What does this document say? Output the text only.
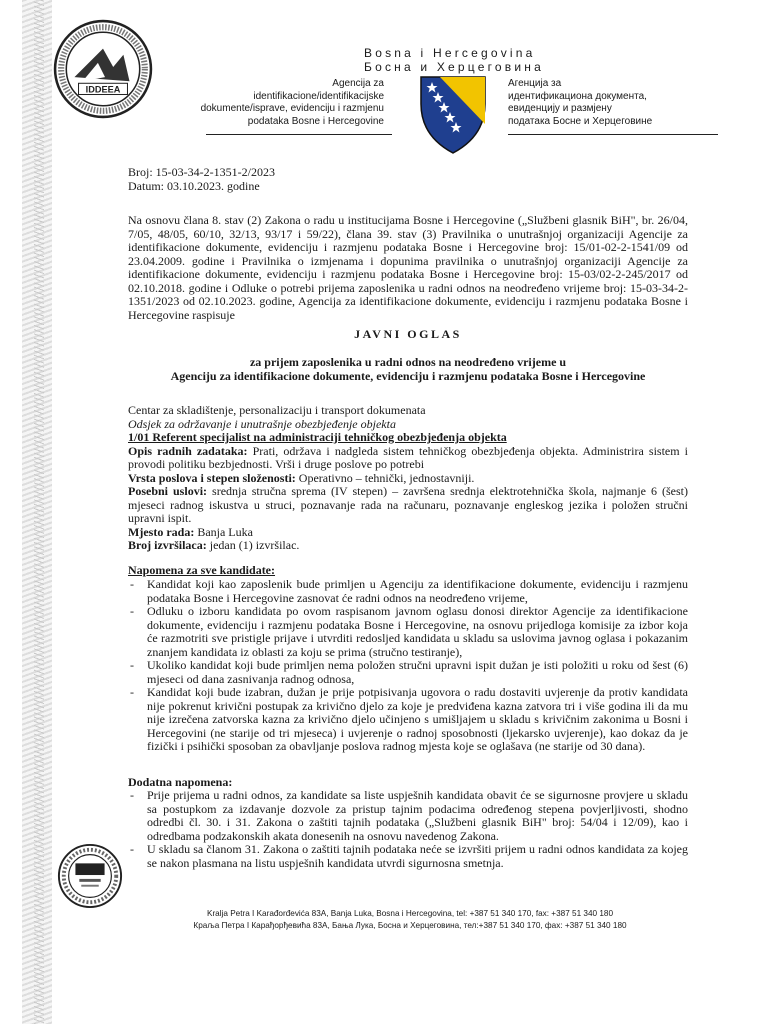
IDDEEA
Bosna i Hercegovina
Босна и Херцеговина
Agencija za
identifikacione/identifikacijske
dokumente/isprave, evidenciju i razmjenu
podataka Bosne i Hercegovine
Агенција за
идентификациона документа,
евиденцију и размјену
података Босне и Херцеговине

Broj: 15-03-34-2-1351-2/2023

Datum: 03.10.2023. godine

Na osnovu člana 8. stav (2) Zakona o radu u institucijama Bosne i Hercegovine („Službeni glasnik BiH", br. 26/04, 7/05, 48/05, 60/10, 32/13, 93/17 i 59/22), člana 39. stav (3) Pravilnika o unutrašnjoj organizaciji Agencije za identifikacione dokumente, evidenciju i razmjenu podataka Bosne i Hercegovine broj: 15/01-02-2-1541/09 od 23.04.2009. godine i Pravilnika o izmjenama i dopunima pravilnika o unutrašnjoj organizaciji Agencije za identifikacione dokumente, evidenciju i razmjenu podataka Bosne i Hercegovine broj: 15-03/02-2-245/2017 od 02.10.2018. godine i Odluke o potrebi prijema zaposlenika u radni odnos na neodređeno vrijeme broj: 15-03-34-2-1351/2023 od 02.10.2023. godine, Agencija za identifikacione dokumente, evidenciju i razmjenu podataka Bosne i Hercegovine raspisuje
JAVNI OGLAS
za prijem zaposlenika u radni odnos na neodređeno vrijeme u
Agenciju za identifikacione dokumente, evidenciju i razmjenu podataka Bosne i Hercegovine

Centar za skladištenje, personalizaciju i transport dokumenata

Odsjek za održavanje i unutrašnje obezbjeđenje objekta

1/01 Referent specijalist na administraciji tehničkog obezbjeđenja objekta

Opis radnih zadataka: Prati, održava i nadgleda sistem tehničkog obezbjeđenja objekta. Administrira sistem i provodi politiku bezbjednosti. Vrši i druge poslove po potrebi

Vrsta poslova i stepen složenosti: Operativno – tehnički, jednostavniji.

Posebni uslovi: srednja stručna sprema (IV stepen) – završena srednja elektrotehnička škola, najmanje 6 (šest) mjeseci radnog iskustva u struci, poznavanje rada na računaru, poznavanje engleskog jezika i položen stručni upravni ispit.

Mjesto rada: Banja Luka

Broj izvršilaca: jedan (1) izvršilac.

Napomena za sve kandidate:
- Kandidat koji kao zaposlenik bude primljen u Agenciju za identifikacione dokumente, evidenciju i razmjenu podataka Bosne i Hercegovine zasnovat će radni odnos na neodređeno vrijeme,
- Odluku o izboru kandidata po ovom raspisanom javnom oglasu donosi direktor Agencije za identifikacione dokumente, evidenciju i razmjenu podataka Bosne i Hercegovine, na osnovu prijedloga komisije za izbor koja će razmotriti sve pristigle prijave i utvrditi redosljed kandidata u skladu sa uslovima javnog oglasa i pokazanim znanjem kandidata iz oblasti za koju se prima (stručno testiranje),
- Ukoliko kandidat koji bude primljen nema položen stručni upravni ispit dužan je isti položiti u roku od šest (6) mjeseci od dana zasnivanja radnog odnosa,
- Kandidat koji bude izabran, dužan je prije potpisivanja ugovora o radu dostaviti uvjerenje da protiv kandidata nije pokrenut krivični postupak za krivično djelo za koje je predviđena kazna zatvora tri i više godina ili da mu nije izrečena zatvorska kazna za krivično djelo učinjeno s umišljajem u skladu s krivičnim zakonima u Bosni i Hercegovini (ne starije od tri mjeseca) i uvjerenje o radnoj sposobnosti (ljekarsko uvjerenje), kao dokaz da je fizički i psihički sposoban za obavljanje poslova radnog mjesta koje se oglašava (ne starije od 30 dana).
Dodatna napomena:
- Prije prijema u radni odnos, za kandidate sa liste uspješnih kandidata obavit će se sigurnosne provjere u skladu sa postupkom za izdavanje dozvole za pristup tajnim podacima određenog stepena povjerljivosti, shodno odredbi čl. 30. i 31. Zakona o zaštiti tajnih podataka („Službeni glasnik BiH" broj: 54/04 i 12/09), kao i odredbama podzakonskih akata donesenih na osnovu navedenog Zakona.
- U skladu sa članom 31. Zakona o zaštiti tajnih podataka neće se izvršiti prijem u radni odnos kandidata za kojeg se nakon plasmana na listu uspješnih kandidata utvrdi sigurnosna smetnja.
Kralja Petra I Karađorđevića 83A, Banja Luka, Bosna i Hercegovina, tel: +387 51 340 170, fax: +387 51 340 180
Краља Петра I Карађорђевића 83А, Бања Лука, Босна и Херцеговина, тел:+387 51 340 170, фах: +387 51 340 180
